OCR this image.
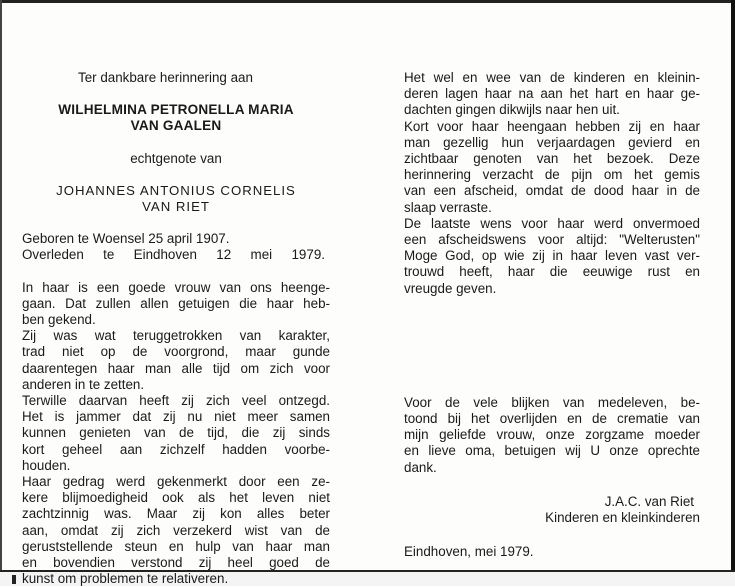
Ter dankbare herinnering aan
WILHELMINA PETRONELLA MARIA
VAN GAALEN
echtgenote van
JOHANNES ANTONIUS CORNELIS
VAN RIET
Geboren te Woensel 25 april 1907.
Overleden te Eindhoven 12 mei 1979.
In haar is een goede vrouw van ons heenge-
gaan. Dat zullen allen getuigen die haar heb-
ben gekend.
Zij was wat teruggetrokken van karakter,
trad niet op de voorgrond, maar gunde
daarentegen haar man alle tijd om zich voor
anderen in te zetten.
Terwille daarvan heeft zij zich veel ontzegd.
Het is jammer dat zij nu niet meer samen
kunnen genieten van de tijd, die zij sinds
kort geheel aan zichzelf hadden voorbe-
houden.
Haar gedrag werd gekenmerkt door een ze-
kere blijmoedigheid ook als het leven niet
zachtzinnig was. Maar zij kon alles beter
aan, omdat zij zich verzekerd wist van de
geruststellende steun en hulp van haar man
en bovendien verstond zij heel goed de
kunst om problemen te relativeren.
Het wel en wee van de kinderen en kleinin-
deren lagen haar na aan het hart en haar ge-
dachten gingen dikwijls naar hen uit.
Kort voor haar heengaan hebben zij en haar
man gezellig hun verjaardagen gevierd en
zichtbaar genoten van het bezoek. Deze
herinnering verzacht de pijn om het gemis
van een afscheid, omdat de dood haar in de
slaap verraste.
De laatste wens voor haar werd onvermoed
een afscheidswens voor altijd: "Welterusten"
Moge God, op wie zij in haar leven vast ver-
trouwd heeft, haar die eeuwige rust en
vreugde geven.
Voor de vele blijken van medeleven, be-
toond bij het overlijden en de crematie van
mijn geliefde vrouw, onze zorgzame moeder
en lieve oma, betuigen wij U onze oprechte
dank.
J.A.C. van Riet
Kinderen en kleinkinderen
Eindhoven, mei 1979.
